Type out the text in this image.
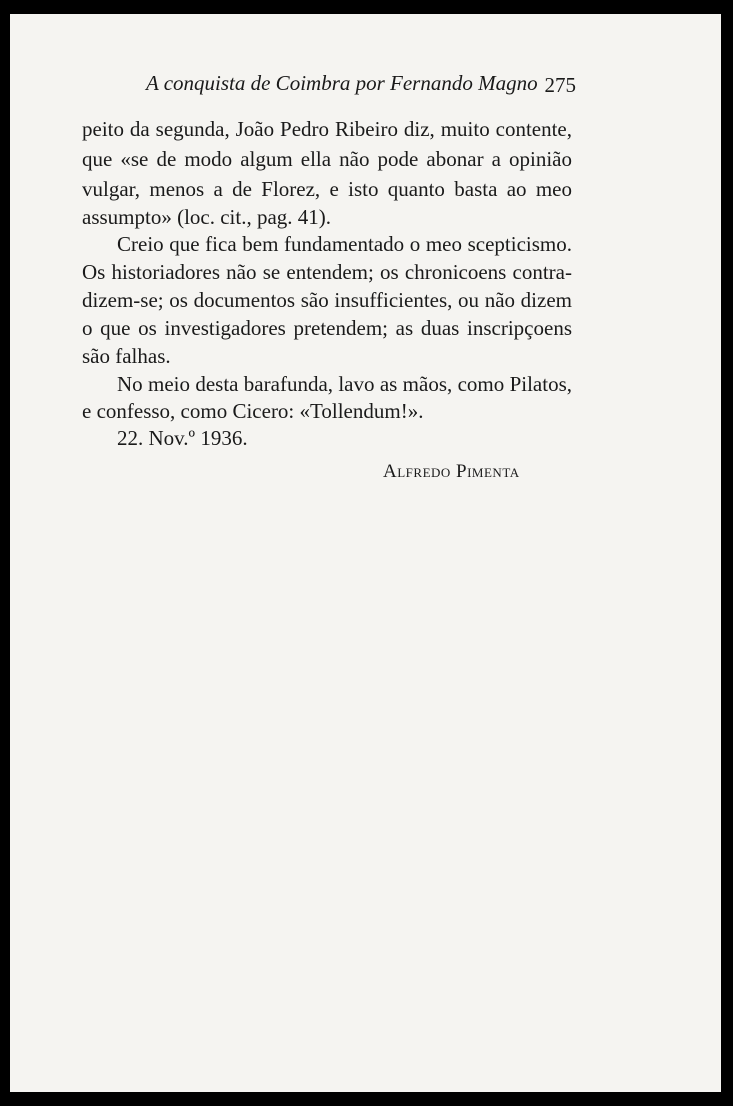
A conquista de Coimbra por Fernando Magno 275
peito da segunda, João Pedro Ribeiro diz, muito contente,
que «se de modo algum ella não pode abonar a opinião
vulgar, menos a de Florez, e isto quanto basta ao meo
assumpto» (loc. cit., pag. 41).
Creio que fica bem fundamentado o meo scepticismo.
Os historiadores não se entendem; os chronicoens contra-
dizem-se; os documentos são insufficientes, ou não dizem
o que os investigadores pretendem; as duas inscripçoens
são falhas.
No meio desta barafunda, lavo as mãos, como Pilatos,
e confesso, como Cicero: «Tollendum!».
22. Nov.º 1936.
Alfredo Pimenta
